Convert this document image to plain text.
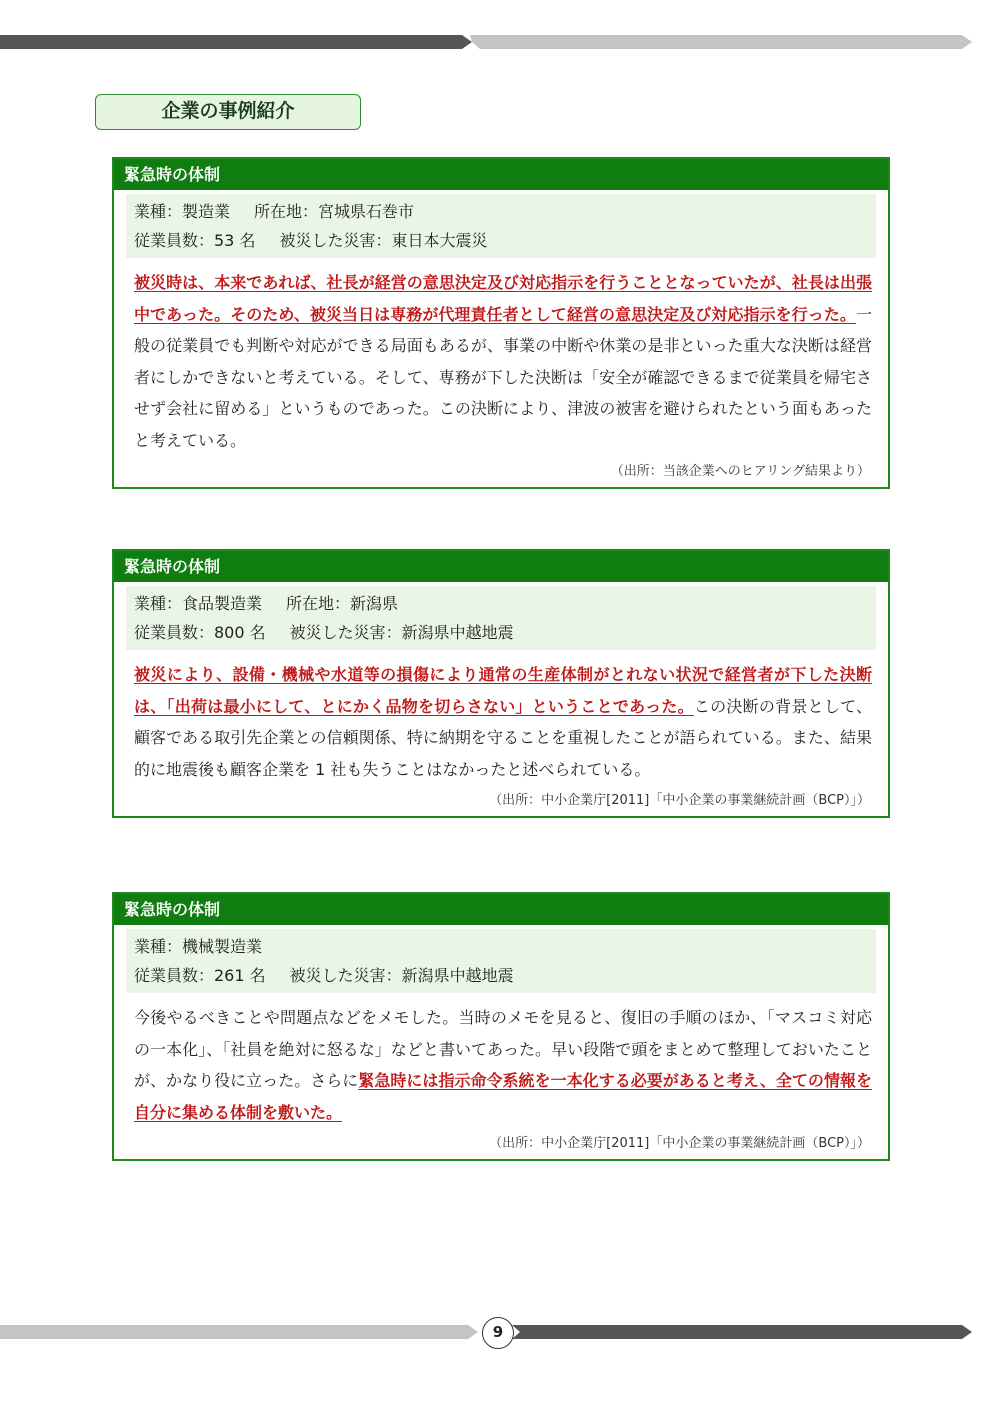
企業の事例紹介
緊急時の体制
業種：製造業 所在地：宮城県石巻市
従業員数：53 名 被災した災害：東日本大震災
被災時は、本来であれば、社長が経営の意思決定及び対応指示を行うこととなっていたが、社長は出張中であった。そのため、被災当日は専務が代理責任者として経営の意思決定及び対応指示を行った。一般の従業員でも判断や対応ができる局面もあるが、事業の中断や休業の是非といった重大な決断は経営者にしかできないと考えている。そして、専務が下した決断は「安全が確認できるまで従業員を帰宅させず会社に留める」というものであった。この決断により、津波の被害を避けられたという面もあったと考えている。
（出所：当該企業へのヒアリング結果より）
緊急時の体制
業種：食品製造業 所在地：新潟県
従業員数：800 名 被災した災害：新潟県中越地震
被災により、設備・機械や水道等の損傷により通常の生産体制がとれない状況で経営者が下した決断は、「出荷は最小にして、とにかく品物を切らさない」ということであった。この決断の背景として、顧客である取引先企業との信頼関係、特に納期を守ることを重視したことが語られている。また、結果的に地震後も顧客企業を 1 社も失うことはなかったと述べられている。
（出所：中小企業庁[2011]「中小企業の事業継続計画（BCP）」）
緊急時の体制
業種：機械製造業
従業員数：261 名 被災した災害：新潟県中越地震
今後やるべきことや問題点などをメモした。当時のメモを見ると、復旧の手順のほか、「マスコミ対応の一本化」、「社員を絶対に怒るな」などと書いてあった。早い段階で頭をまとめて整理しておいたことが、かなり役に立った。さらに緊急時には指示命令系統を一本化する必要があると考え、全ての情報を自分に集める体制を敷いた。
（出所：中小企業庁[2011]「中小企業の事業継続計画（BCP）」）
9
